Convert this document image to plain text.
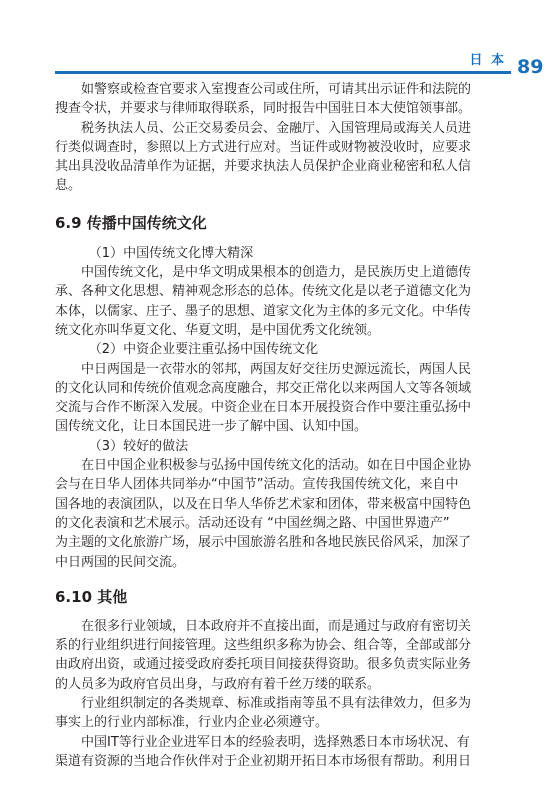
日 本 89

如警察或检查官要求入室搜查公司或住所，可请其出示证件和法院的
搜查令状，并要求与律师取得联系，同时报告中国驻日本大使馆领事部。

税务执法人员、公正交易委员会、金融厅、入国管理局或海关人员进
行类似调查时，参照以上方式进行应对。当证件或财物被没收时，应要求
其出具没收品清单作为证据，并要求执法人员保护企业商业秘密和私人信
息。

6.9 传播中国传统文化

（1）中国传统文化博大精深

中国传统文化，是中华文明成果根本的创造力，是民族历史上道德传
承、各种文化思想、精神观念形态的总体。传统文化是以老子道德文化为
本体，以儒家、庄子、墨子的思想、道家文化为主体的多元文化。中华传
统文化亦叫华夏文化、华夏文明，是中国优秀文化统领。

（2）中资企业要注重弘扬中国传统文化

中日两国是一衣带水的邻邦，两国友好交往历史源远流长，两国人民
的文化认同和传统价值观念高度融合，邦交正常化以来两国人文等各领域
交流与合作不断深入发展。中资企业在日本开展投资合作中要注重弘扬中
国传统文化，让日本国民进一步了解中国、认知中国。

（3）较好的做法

在日中国企业积极参与弘扬中国传统文化的活动。如在日中国企业协
会与在日华人团体共同举办“中国节”活动。宣传我国传统文化，来自中
国各地的表演团队，以及在日华人华侨艺术家和团体，带来极富中国特色
的文化表演和艺术展示。活动还设有 “中国丝绸之路、中国世界遗产”
为主题的文化旅游广场，展示中国旅游名胜和各地民族民俗风采，加深了
中日两国的民间交流。

6.10 其他

在很多行业领域，日本政府并不直接出面，而是通过与政府有密切关
系的行业组织进行间接管理。这些组织多称为协会、组合等，全部或部分
由政府出资，或通过接受政府委托项目间接获得资助。很多负责实际业务
的人员多为政府官员出身，与政府有着千丝万缕的联系。

行业组织制定的各类规章、标准或指南等虽不具有法律效力，但多为
事实上的行业内部标准，行业内企业必须遵守。

中国IT等行业企业进军日本的经验表明，选择熟悉日本市场状况、有
渠道有资源的当地合作伙伴对于企业初期开拓日本市场很有帮助。利用日
